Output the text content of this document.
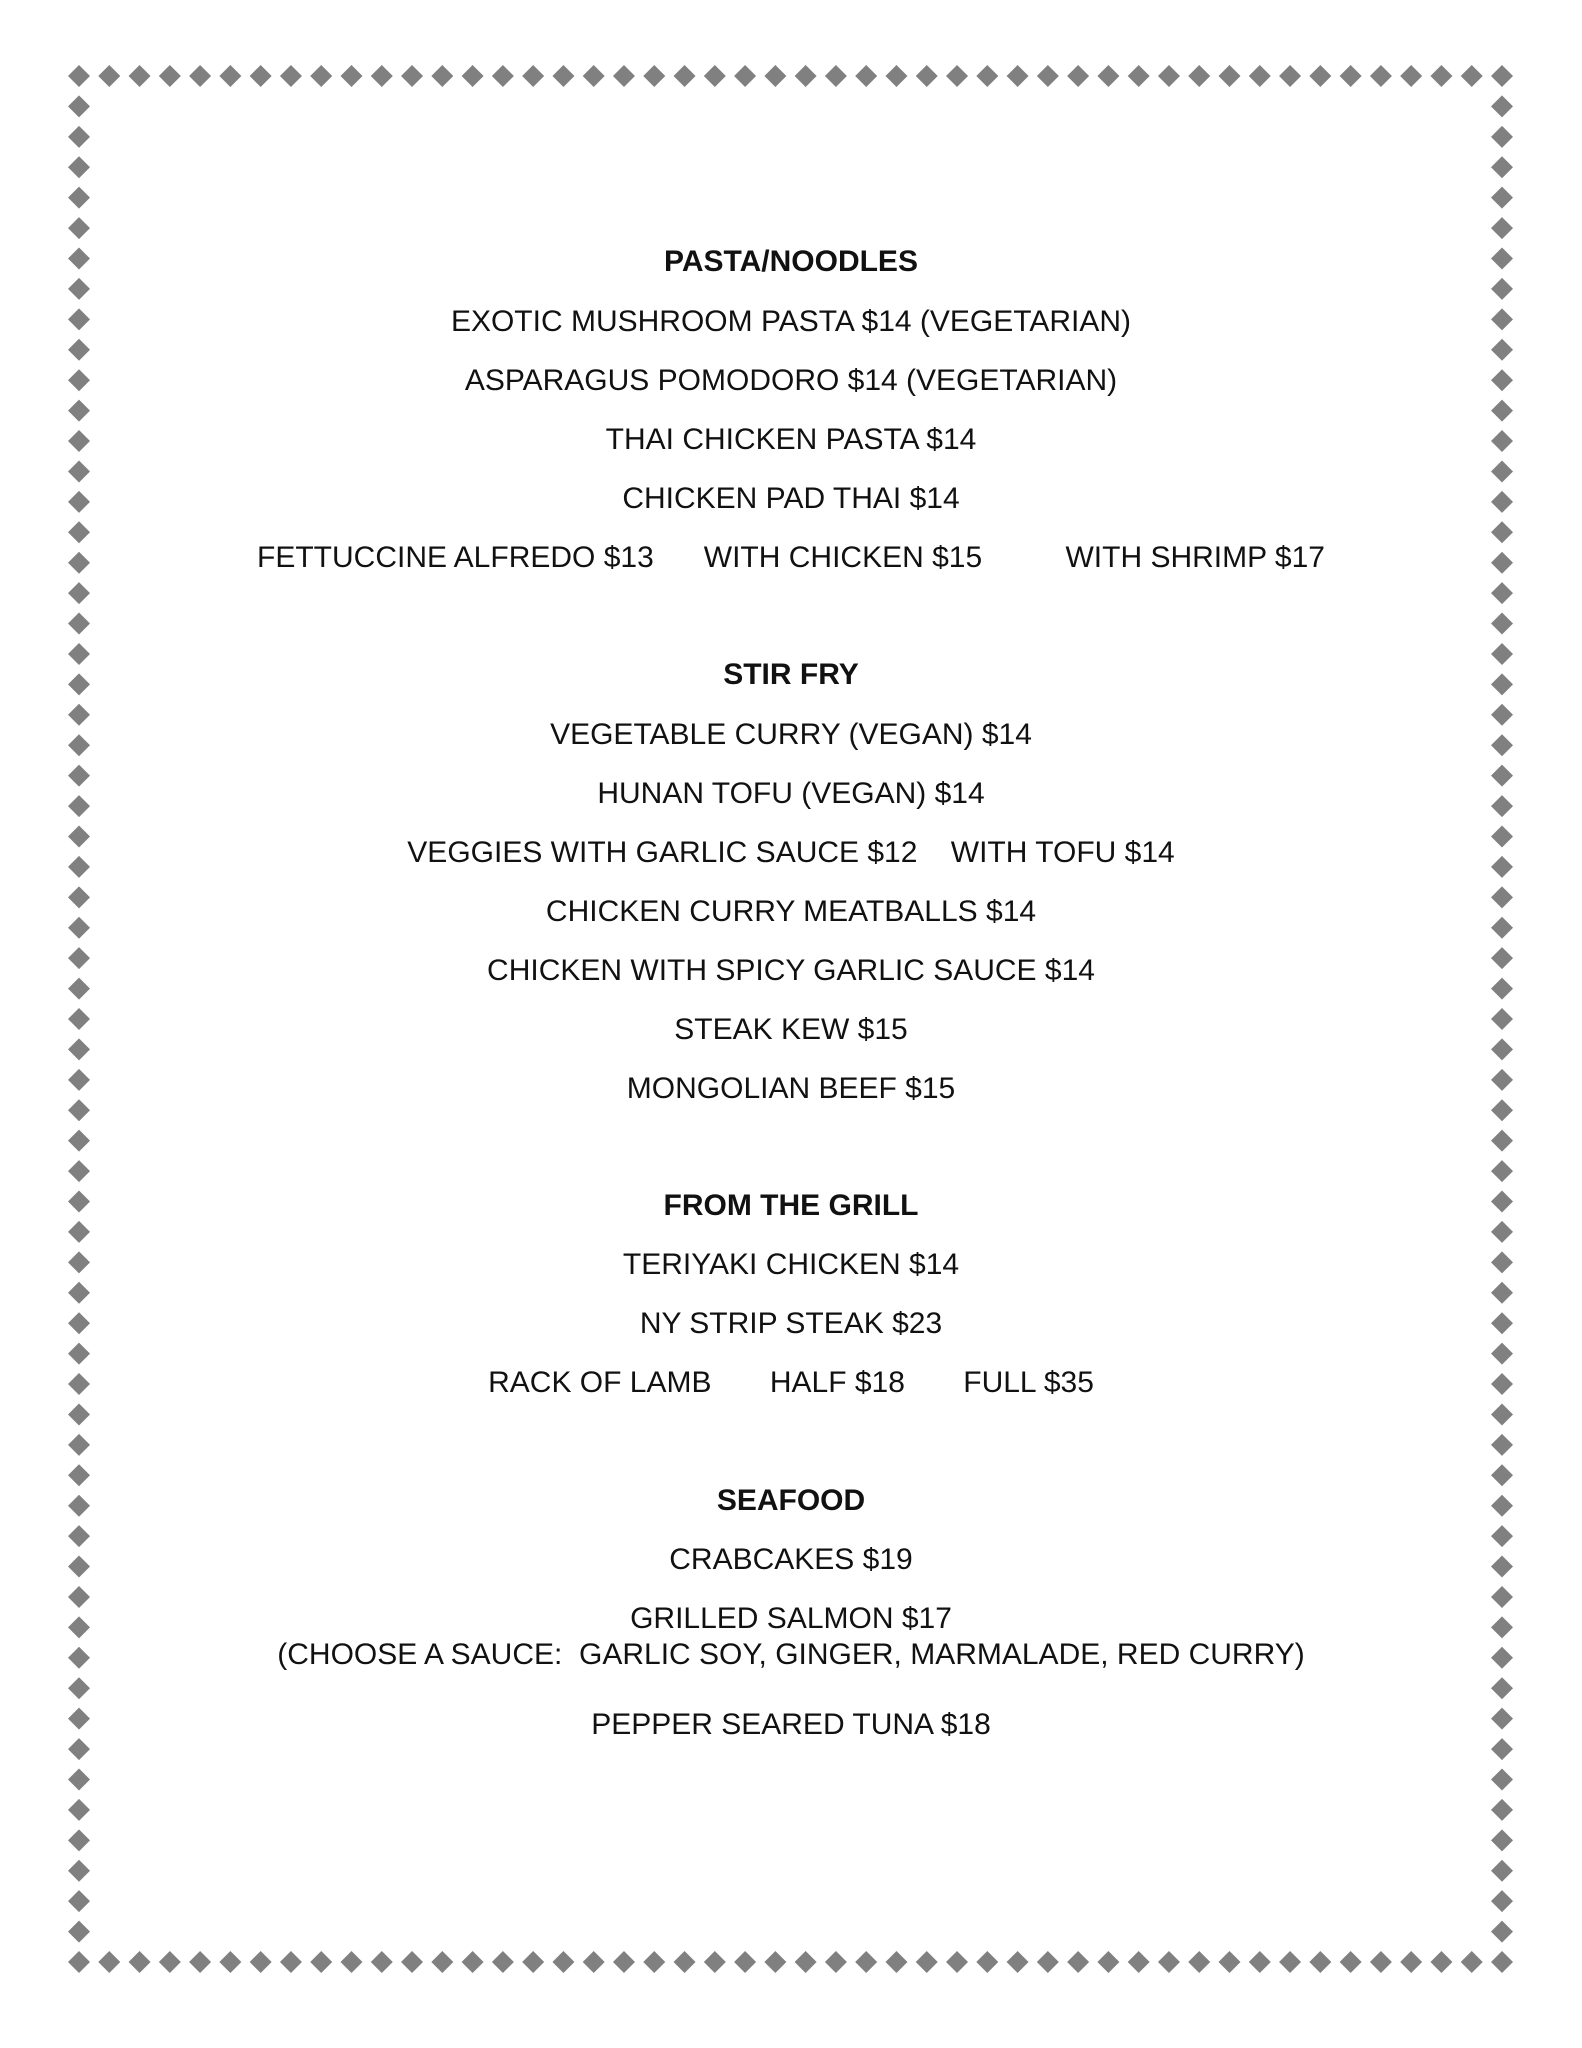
PASTA/NOODLES
EXOTIC MUSHROOM PASTA $14 (VEGETARIAN)
ASPARAGUS POMODORO $14 (VEGETARIAN)
THAI CHICKEN PASTA $14
CHICKEN PAD THAI $14
FETTUCCINE ALFREDO $13      WITH CHICKEN $15          WITH SHRIMP $17
STIR FRY
VEGETABLE CURRY (VEGAN) $14
HUNAN TOFU (VEGAN) $14
VEGGIES WITH GARLIC SAUCE $12    WITH TOFU $14
CHICKEN CURRY MEATBALLS $14
CHICKEN WITH SPICY GARLIC SAUCE $14
STEAK KEW $15
MONGOLIAN BEEF $15
FROM THE GRILL
TERIYAKI CHICKEN $14
NY STRIP STEAK $23
RACK OF LAMB       HALF $18       FULL $35
SEAFOOD
CRABCAKES $19
GRILLED SALMON $17
(CHOOSE A SAUCE:  GARLIC SOY, GINGER, MARMALADE, RED CURRY)
PEPPER SEARED TUNA $18
